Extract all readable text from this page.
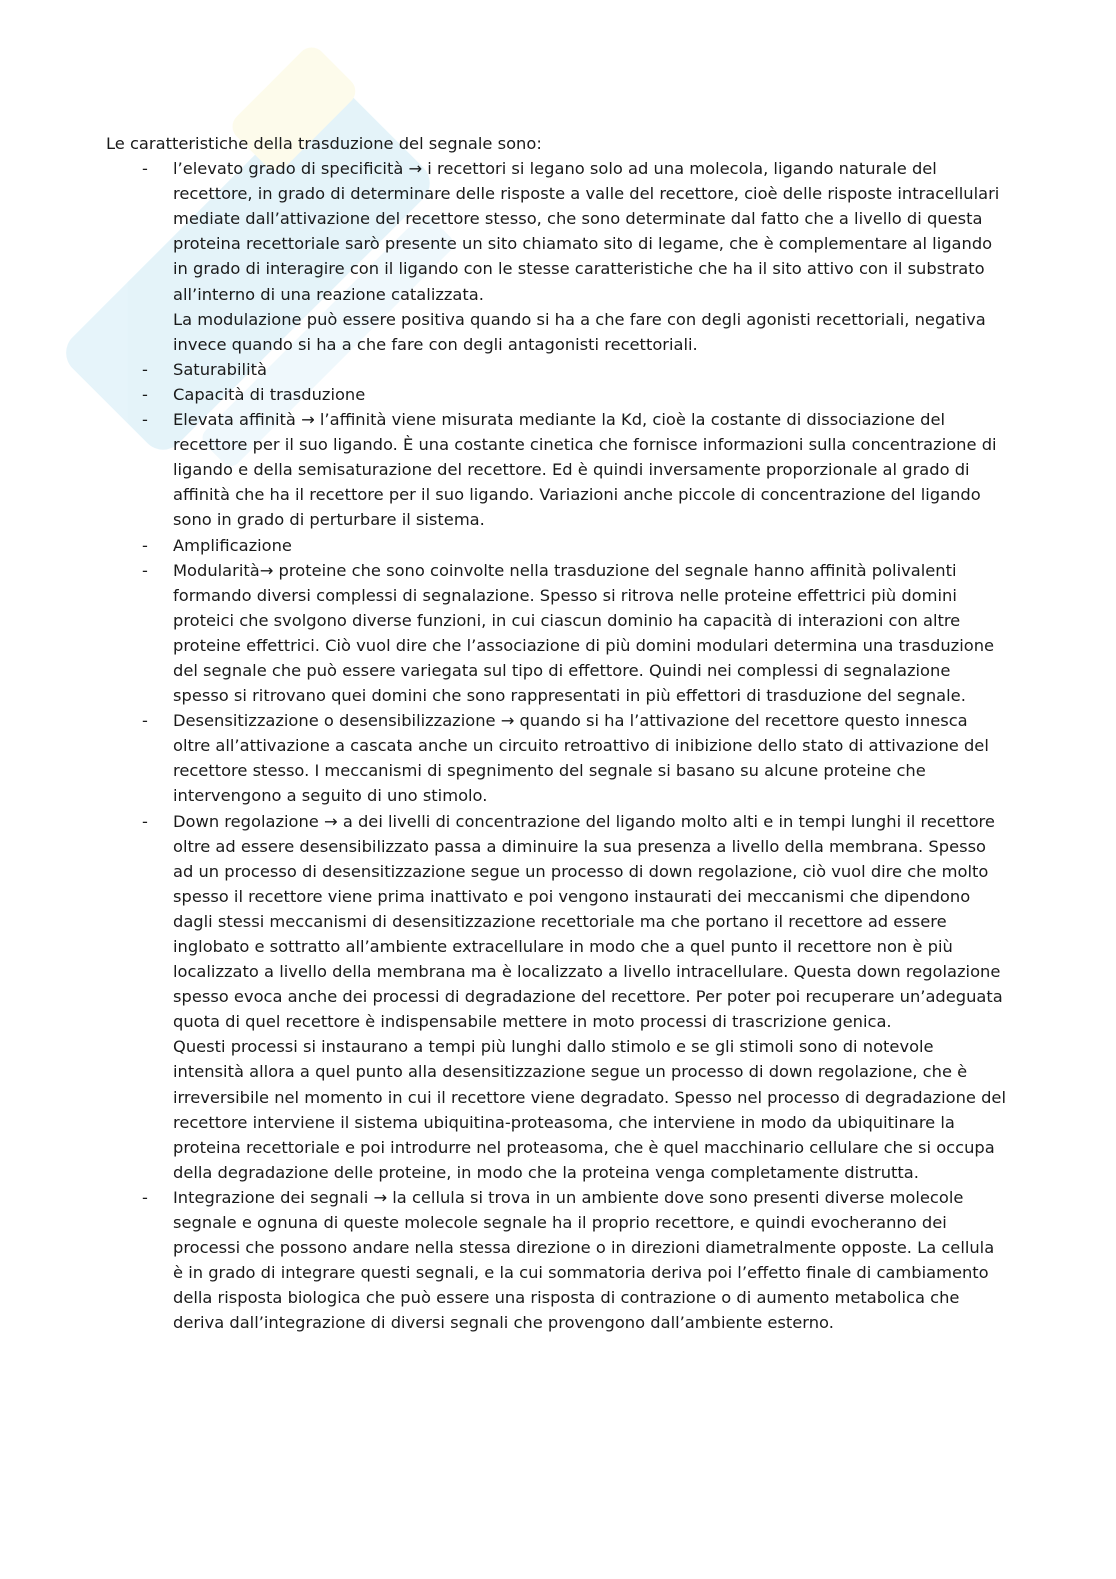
Le caratteristiche della trasduzione del segnale sono:

- l’elevato grado di specificità → i recettori si legano solo ad una molecola, ligando naturale del recettore, in grado di determinare delle risposte a valle del recettore, cioè delle risposte intracellulari mediate dall’attivazione del recettore stesso, che sono determinate dal fatto che a livello di questa proteina recettoriale sarò presente un sito chiamato sito di legame, che è complementare al ligando in grado di interagire con il ligando con le stesse caratteristiche che ha il sito attivo con il substrato all’interno di una reazione catalizzata.

La modulazione può essere positiva quando si ha a che fare con degli agonisti recettoriali, negativa invece quando si ha a che fare con degli antagonisti recettoriali.

- Saturabilità

- Capacità di trasduzione

- Elevata affinità → l’affinità viene misurata mediante la Kd, cioè la costante di dissociazione del recettore per il suo ligando. È una costante cinetica che fornisce informazioni sulla concentrazione di ligando e della semisaturazione del recettore. Ed è quindi inversamente proporzionale al grado di affinità che ha il recettore per il suo ligando. Variazioni anche piccole di concentrazione del ligando sono in grado di perturbare il sistema.

- Amplificazione

- Modularità→ proteine che sono coinvolte nella trasduzione del segnale hanno affinità polivalenti formando diversi complessi di segnalazione. Spesso si ritrova nelle proteine effettrici più domini proteici che svolgono diverse funzioni, in cui ciascun dominio ha capacità di interazioni con altre proteine effettrici. Ciò vuol dire che l’associazione di più domini modulari determina una trasduzione del segnale che può essere variegata sul tipo di effettore. Quindi nei complessi di segnalazione spesso si ritrovano quei domini che sono rappresentati in più effettori di trasduzione del segnale.

- Desensitizzazione o desensibilizzazione → quando si ha l’attivazione del recettore questo innesca oltre all’attivazione a cascata anche un circuito retroattivo di inibizione dello stato di attivazione del recettore stesso. I meccanismi di spegnimento del segnale si basano su alcune proteine che intervengono a seguito di uno stimolo.

- Down regolazione → a dei livelli di concentrazione del ligando molto alti e in tempi lunghi il recettore oltre ad essere desensibilizzato passa a diminuire la sua presenza a livello della membrana. Spesso ad un processo di desensitizzazione segue un processo di down regolazione, ciò vuol dire che molto spesso il recettore viene prima inattivato e poi vengono instaurati dei meccanismi che dipendono dagli stessi meccanismi di desensitizzazione recettoriale ma che portano il recettore ad essere inglobato e sottratto all’ambiente extracellulare in modo che a quel punto il recettore non è più localizzato a livello della membrana ma è localizzato a livello intracellulare. Questa down regolazione spesso evoca anche dei processi di degradazione del recettore. Per poter poi recuperare un’adeguata quota di quel recettore è indispensabile mettere in moto processi di trascrizione genica.

Questi processi si instaurano a tempi più lunghi dallo stimolo e se gli stimoli sono di notevole intensità allora a quel punto alla desensitizzazione segue un processo di down regolazione, che è irreversibile nel momento in cui il recettore viene degradato. Spesso nel processo di degradazione del recettore interviene il sistema ubiquitina-proteasoma, che interviene in modo da ubiquitinare la proteina recettoriale e poi introdurre nel proteasoma, che è quel macchinario cellulare che si occupa della degradazione delle proteine, in modo che la proteina venga completamente distrutta.

- Integrazione dei segnali → la cellula si trova in un ambiente dove sono presenti diverse molecole segnale e ognuna di queste molecole segnale ha il proprio recettore, e quindi evocheranno dei processi che possono andare nella stessa direzione o in direzioni diametralmente opposte. La cellula è in grado di integrare questi segnali, e la cui sommatoria deriva poi l’effetto finale di cambiamento della risposta biologica che può essere una risposta di contrazione o di aumento metabolica che deriva dall’integrazione di diversi segnali che provengono dall’ambiente esterno.
